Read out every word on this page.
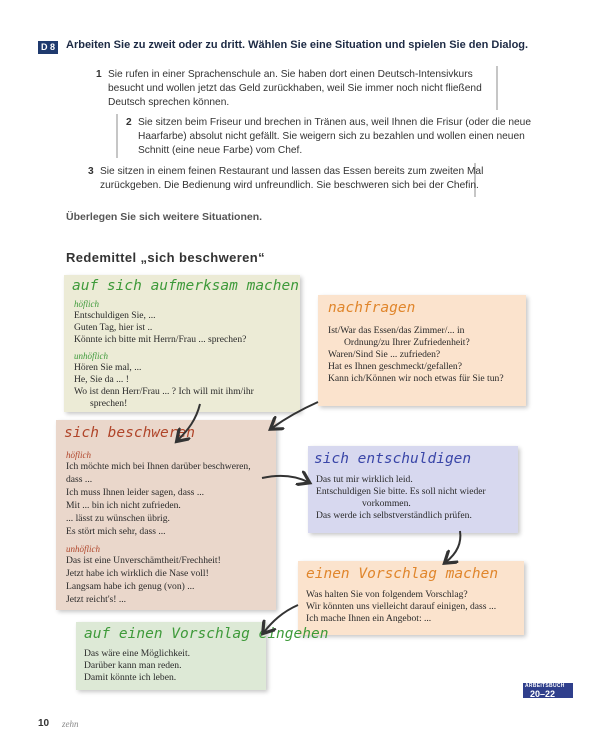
D 8 Arbeiten Sie zu zweit oder zu dritt. Wählen Sie eine Situation und spielen Sie den Dialog.
1 Sie rufen in einer Sprachenschule an. Sie haben dort einen Deutsch-Intensivkurs
besucht und wollen jetzt das Geld zurückhaben, weil Sie immer noch nicht fließend
Deutsch sprechen können.
2 Sie sitzen beim Friseur und brechen in Tränen aus, weil Ihnen die Frisur (oder die neue
Haarfarbe) absolut nicht gefällt. Sie weigern sich zu bezahlen und wollen einen neuen
Schnitt (eine neue Farbe) vom Chef.
3 Sie sitzen in einem feinen Restaurant und lassen das Essen bereits zum zweiten Mal
zurückgeben. Die Bedienung wird unfreundlich. Sie beschweren sich bei der Chefin.
Überlegen Sie sich weitere Situationen.
Redemittel „sich beschweren“
auf sich aufmerksam machen
höflich
Entschuldigen Sie, ...
Guten Tag, hier ist ..
Könnte ich bitte mit Herrn/Frau ... sprechen?
unhöflich
Hören Sie mal, ...
He, Sie da ... !
Wo ist denn Herr/Frau ... ? Ich will mit ihm/ihr
sprechen!
nachfragen
Ist/War das Essen/das Zimmer/... in
Ordnung/zu Ihrer Zufriedenheit?
Waren/Sind Sie ... zufrieden?
Hat es Ihnen geschmeckt/gefallen?
Kann ich/Können wir noch etwas für Sie tun?
sich beschweren
höflich
Ich möchte mich bei Ihnen darüber beschweren,
dass ...
Ich muss Ihnen leider sagen, dass ...
Mit ... bin ich nicht zufrieden.
... lässt zu wünschen übrig.
Es stört mich sehr, dass ...
unhöflich
Das ist eine Unverschämtheit/Frechheit!
Jetzt habe ich wirklich die Nase voll!
Langsam habe ich genug (von) ...
Jetzt reicht's! ...
sich entschuldigen
Das tut mir wirklich leid.
Entschuldigen Sie bitte. Es soll nicht wieder
vorkommen.
Das werde ich selbstverständlich prüfen.
einen Vorschlag machen
Was halten Sie von folgendem Vorschlag?
Wir könnten uns vielleicht darauf einigen, dass ...
Ich mache Ihnen ein Angebot: ...
auf einen Vorschlag eingehen
Das wäre eine Möglichkeit.
Darüber kann man reden.
Damit könnte ich leben.
10 zehn
ARBEITSBUCH
20–22
